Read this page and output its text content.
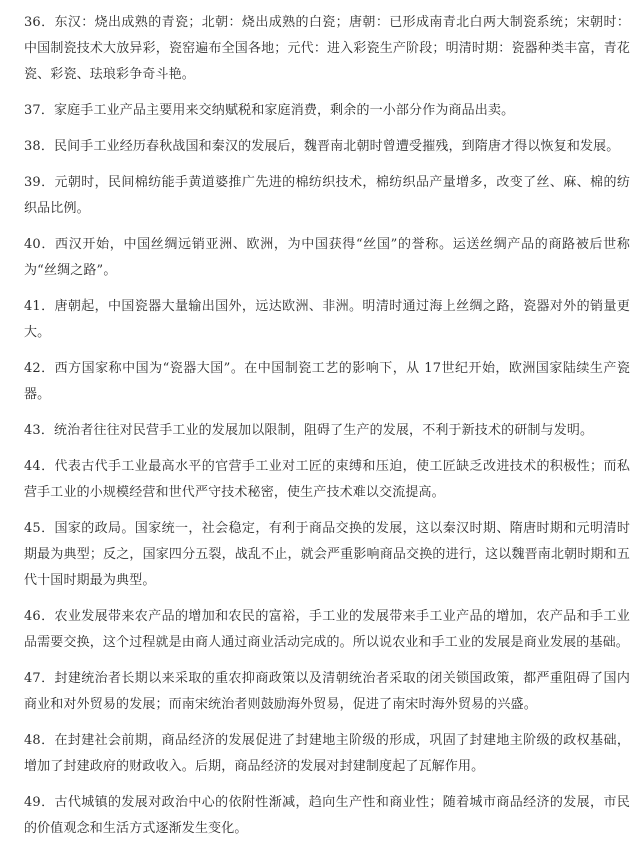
36．东汉：烧出成熟的青瓷；北朝：烧出成熟的白瓷；唐朝：已形成南青北白两大制瓷系统；宋朝时：中国制瓷技术大放异彩，瓷窑遍布全国各地；元代：进入彩瓷生产阶段；明清时期：瓷器种类丰富，青花瓷、彩瓷、珐琅彩争奇斗艳。

37．家庭手工业产品主要用来交纳赋税和家庭消费，剩余的一小部分作为商品出卖。

38．民间手工业经历春秋战国和秦汉的发展后，魏晋南北朝时曾遭受摧残，到隋唐才得以恢复和发展。

39．元朝时，民间棉纺能手黄道婆推广先进的棉纺织技术，棉纺织品产量增多，改变了丝、麻、棉的纺织品比例。

40．西汉开始，中国丝绸远销亚洲、欧洲，为中国获得“丝国”的誉称。运送丝绸产品的商路被后世称为“丝绸之路”。

41．唐朝起，中国瓷器大量输出国外，远达欧洲、非洲。明清时通过海上丝绸之路，瓷器对外的销量更大。

42．西方国家称中国为“瓷器大国”。在中国制瓷工艺的影响下，从 17世纪开始，欧洲国家陆续生产瓷器。

43．统治者往往对民营手工业的发展加以限制，阻碍了生产的发展，不利于新技术的研制与发明。

44．代表古代手工业最高水平的官营手工业对工匠的束缚和压迫，使工匠缺乏改进技术的积极性；而私营手工业的小规模经营和世代严守技术秘密，使生产技术难以交流提高。

45．国家的政局。国家统一，社会稳定，有利于商品交换的发展，这以秦汉时期、隋唐时期和元明清时期最为典型；反之，国家四分五裂，战乱不止，就会严重影响商品交换的进行，这以魏晋南北朝时期和五代十国时期最为典型。

46．农业发展带来农产品的增加和农民的富裕，手工业的发展带来手工业产品的增加，农产品和手工业品需要交换，这个过程就是由商人通过商业活动完成的。所以说农业和手工业的发展是商业发展的基础。

47．封建统治者长期以来采取的重农抑商政策以及清朝统治者采取的闭关锁国政策，都严重阻碍了国内商业和对外贸易的发展；而南宋统治者则鼓励海外贸易，促进了南宋时海外贸易的兴盛。

48．在封建社会前期，商品经济的发展促进了封建地主阶级的形成，巩固了封建地主阶级的政权基础，增加了封建政府的财政收入。后期，商品经济的发展对封建制度起了瓦解作用。

49．古代城镇的发展对政治中心的依附性渐减，趋向生产性和商业性；随着城市商品经济的发展，市民的价值观念和生活方式逐渐发生变化。
